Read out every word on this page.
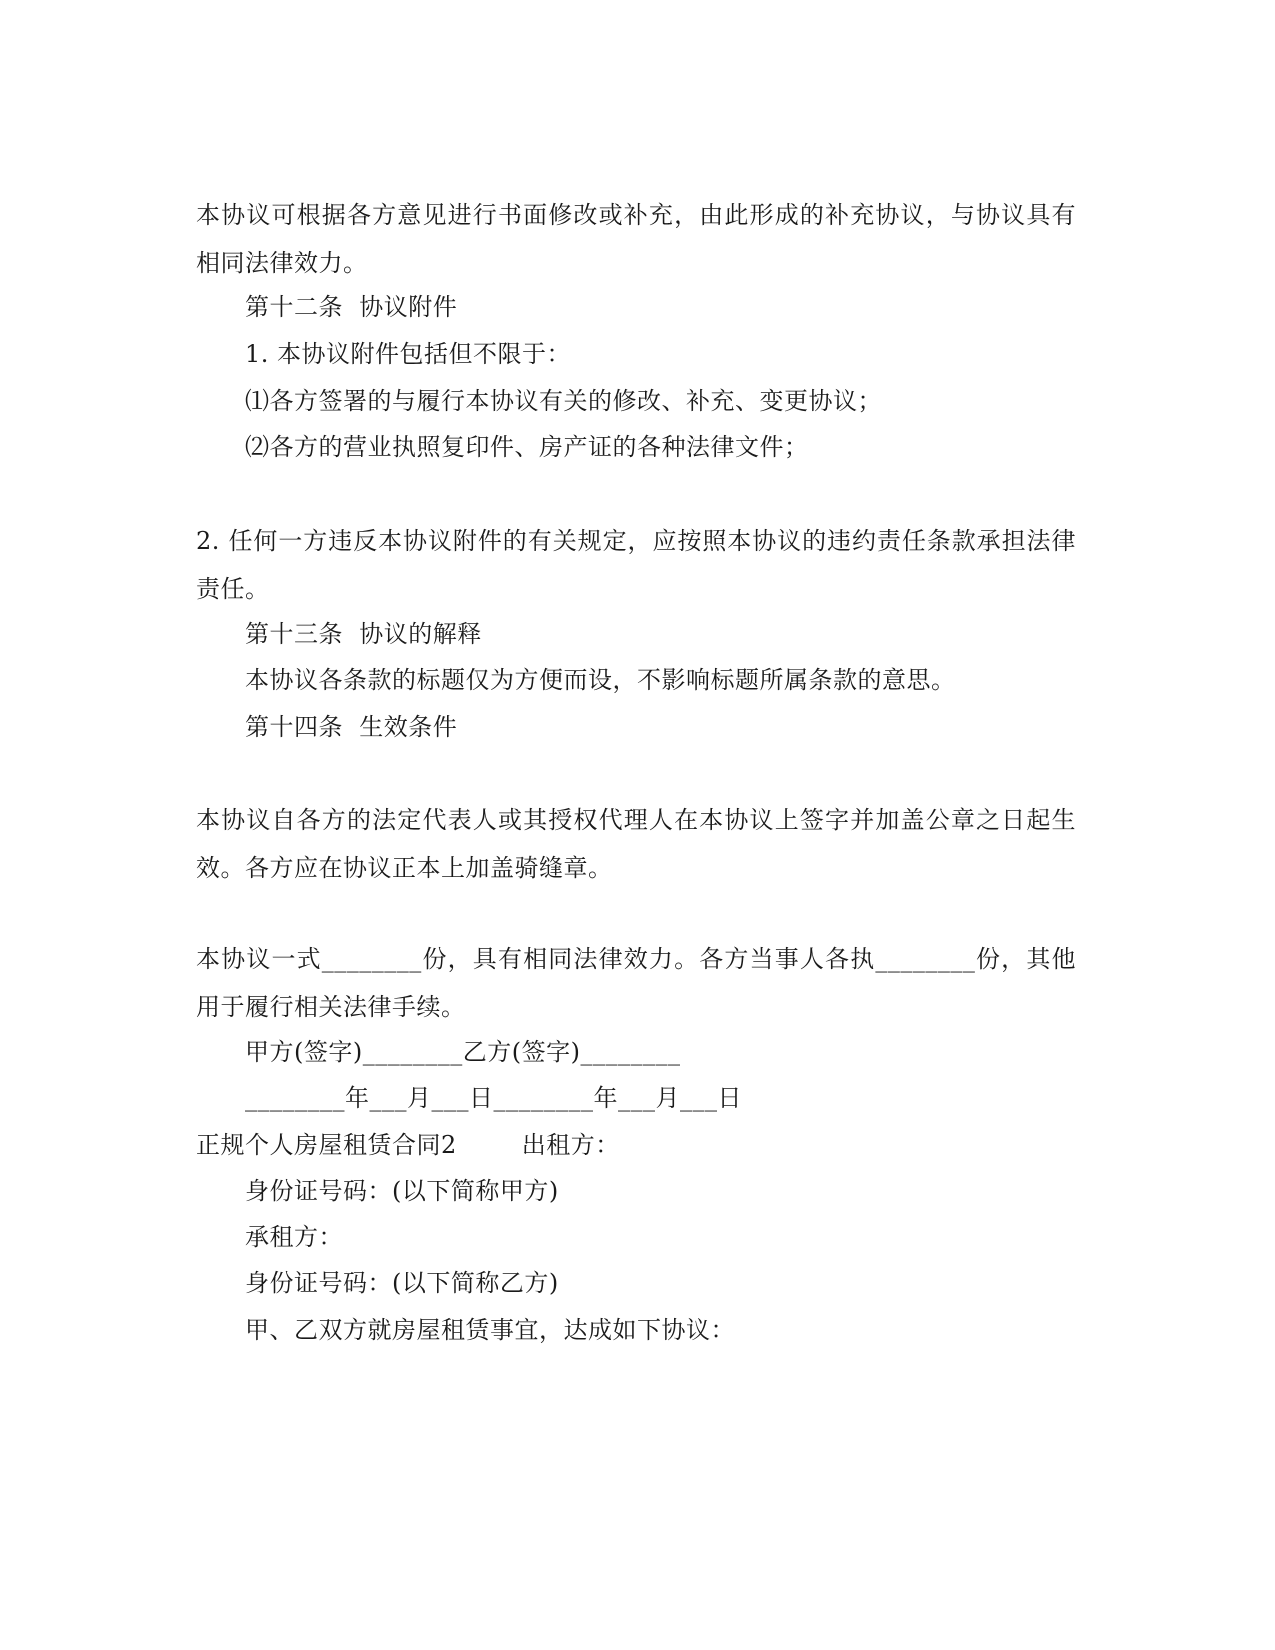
本协议可根据各方意见进行书面修改或补充，由此形成的补充协议，与协议具有相同法律效力。
第十二条  协议附件
1. 本协议附件包括但不限于：
⑴各方签署的与履行本协议有关的修改、补充、变更协议；
⑵各方的营业执照复印件、房产证的各种法律文件；
2. 任何一方违反本协议附件的有关规定，应按照本协议的违约责任条款承担法律责任。
第十三条  协议的解释
本协议各条款的标题仅为方便而设，不影响标题所属条款的意思。
第十四条  生效条件
本协议自各方的法定代表人或其授权代理人在本协议上签字并加盖公章之日起生效。各方应在协议正本上加盖骑缝章。
本协议一式________份，具有相同法律效力。各方当事人各执________份，其他用于履行相关法律手续。
甲方(签字)________乙方(签字)________
________年___月___日________年___月___日
正规个人房屋租赁合同2        出租方：
身份证号码：(以下简称甲方)
承租方：
身份证号码：(以下简称乙方)
甲、乙双方就房屋租赁事宜，达成如下协议：
